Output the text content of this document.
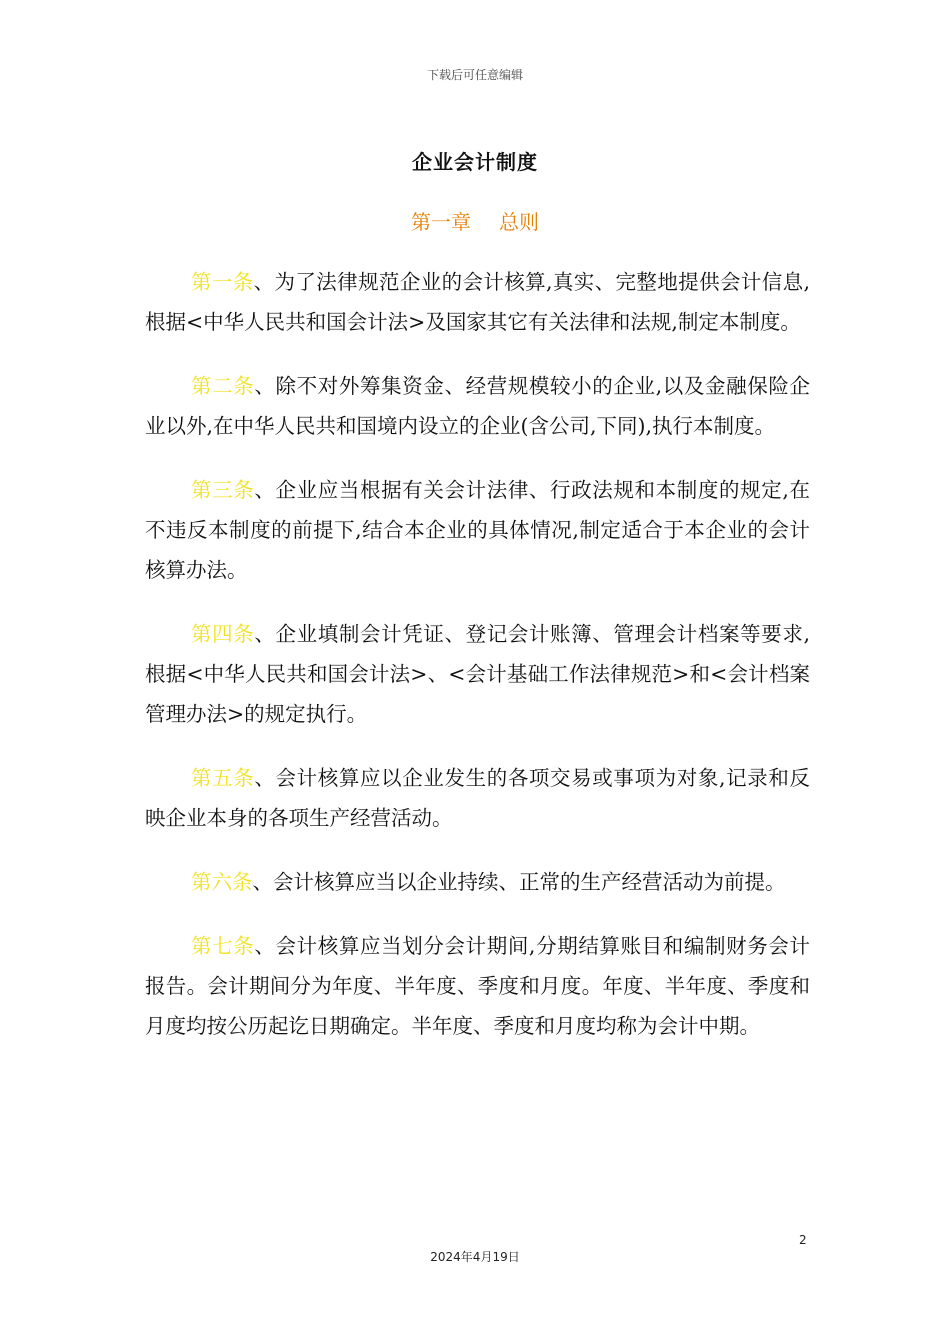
下载后可任意编辑
企业会计制度
第一章 总则

第一条、为了法律规范企业的会计核算,真实、完整地提供会计信息,根据<中华人民共和国会计法>及国家其它有关法律和法规,制定本制度。

第二条、除不对外筹集资金、经营规模较小的企业,以及金融保险企业以外,在中华人民共和国境内设立的企业(含公司,下同),执行本制度。

第三条、企业应当根据有关会计法律、行政法规和本制度的规定,在不违反本制度的前提下,结合本企业的具体情况,制定适合于本企业的会计核算办法。

第四条、企业填制会计凭证、登记会计账簿、管理会计档案等要求,根据<中华人民共和国会计法>、<会计基础工作法律规范>和<会计档案管理办法>的规定执行。

第五条、会计核算应以企业发生的各项交易或事项为对象,记录和反映企业本身的各项生产经营活动。

第六条、会计核算应当以企业持续、正常的生产经营活动为前提。

第七条、会计核算应当划分会计期间,分期结算账目和编制财务会计报告。会计期间分为年度、半年度、季度和月度。年度、半年度、季度和月度均按公历起讫日期确定。半年度、季度和月度均称为会计中期。

2
2024年4月19日
